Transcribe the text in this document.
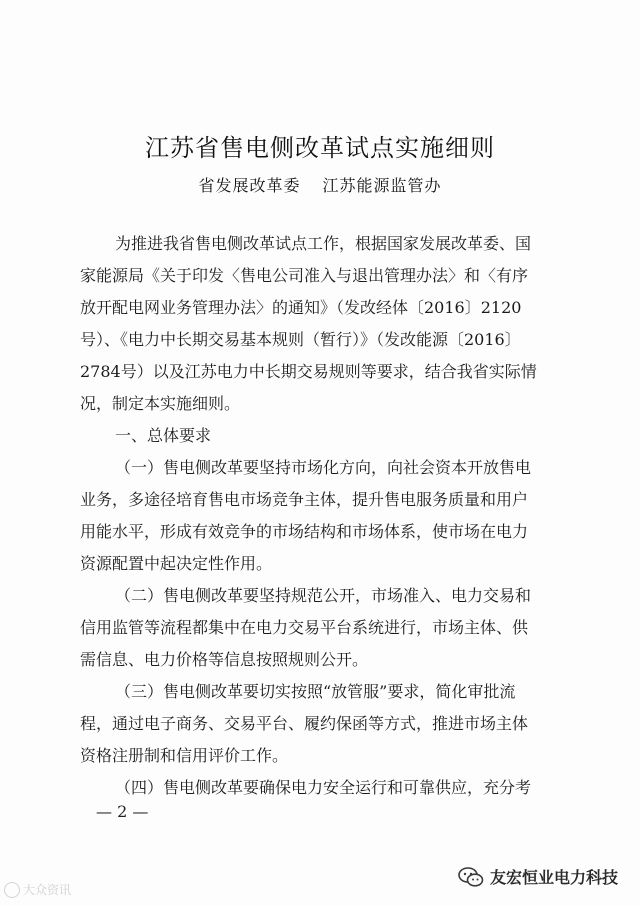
江苏省售电侧改革试点实施细则
省发展改革委 江苏能源监管办
为推进我省售电侧改革试点工作，根据国家发展改革委、国
家能源局《关于印发〈售电公司准入与退出管理办法〉和〈有序
放开配电网业务管理办法〉的通知》（发改经体〔2016〕2120
号）、《电力中长期交易基本规则（暂行）》（发改能源〔2016〕
2784号）以及江苏电力中长期交易规则等要求，结合我省实际情
况，制定本实施细则。
一、总体要求
（一）售电侧改革要坚持市场化方向，向社会资本开放售电
业务，多途径培育售电市场竞争主体，提升售电服务质量和用户
用能水平，形成有效竞争的市场结构和市场体系，使市场在电力
资源配置中起决定性作用。
（二）售电侧改革要坚持规范公开，市场准入、电力交易和
信用监管等流程都集中在电力交易平台系统进行，市场主体、供
需信息、电力价格等信息按照规则公开。
（三）售电侧改革要切实按照“放管服”要求，简化审批流
程，通过电子商务、交易平台、履约保函等方式，推进市场主体
资格注册制和信用评价工作。
（四）售电侧改革要确保电力安全运行和可靠供应，充分考
— 2 —
大众资讯
友宏恒业电力科技
